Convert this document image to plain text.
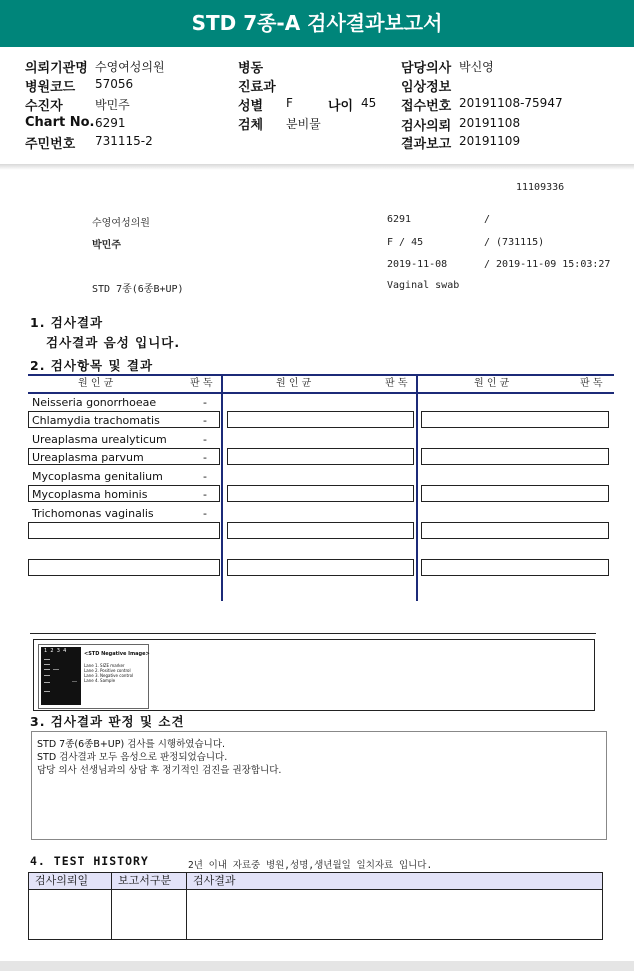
STD 7종-A 검사결과보고서
의뢰기관명 수영여성의원
병원코드 57056
수진자	박민주
Chart No. 6291
주민번호 731115-2
병동
진료과
성별 F	나이 45
검체 분비물
담당의사 박신영
임상정보
접수번호 20191108-75947
검사의뢰 20191108
결과보고 20191109
11109336
수영여성의원	6291	/
박민주	F / 45	/ (731115)
2019-11-08	/ 2019-11-09 15:03:27
STD 7종(6종B+UP)	Vaginal swab
1. 검사결과
검사결과 음성 입니다.
2. 검사항목 및 결과
원 인 균	판 독	원 인 균	판 독	원 인 균	판 독
Neisseria gonorrhoeae	-
Chlamydia trachomatis	-
Ureaplasma urealyticum	-
Ureaplasma parvum	-
Mycoplasma genitalium	-
Mycoplasma hominis	-
Trichomonas vaginalis	-
1  2  3  4	<STD Negative Image>
Lane 1. SIZE marker
Lane 2. Positive control
Lane 3. Negative control
Lane 4. Sample
3. 검사결과 판정 및 소견
STD 7종(6종B+UP) 검사를 시행하였습니다.
STD 검사결과 모두 음성으로 판정되었습니다.
담당 의사 선생님과의 상담 후 정기적인 검진을 권장합니다.
4. TEST HISTORY	2년 이내 자료중 병원,성명,생년월일 일치자료 입니다.
검사의뢰일	보고서구분	검사결과
